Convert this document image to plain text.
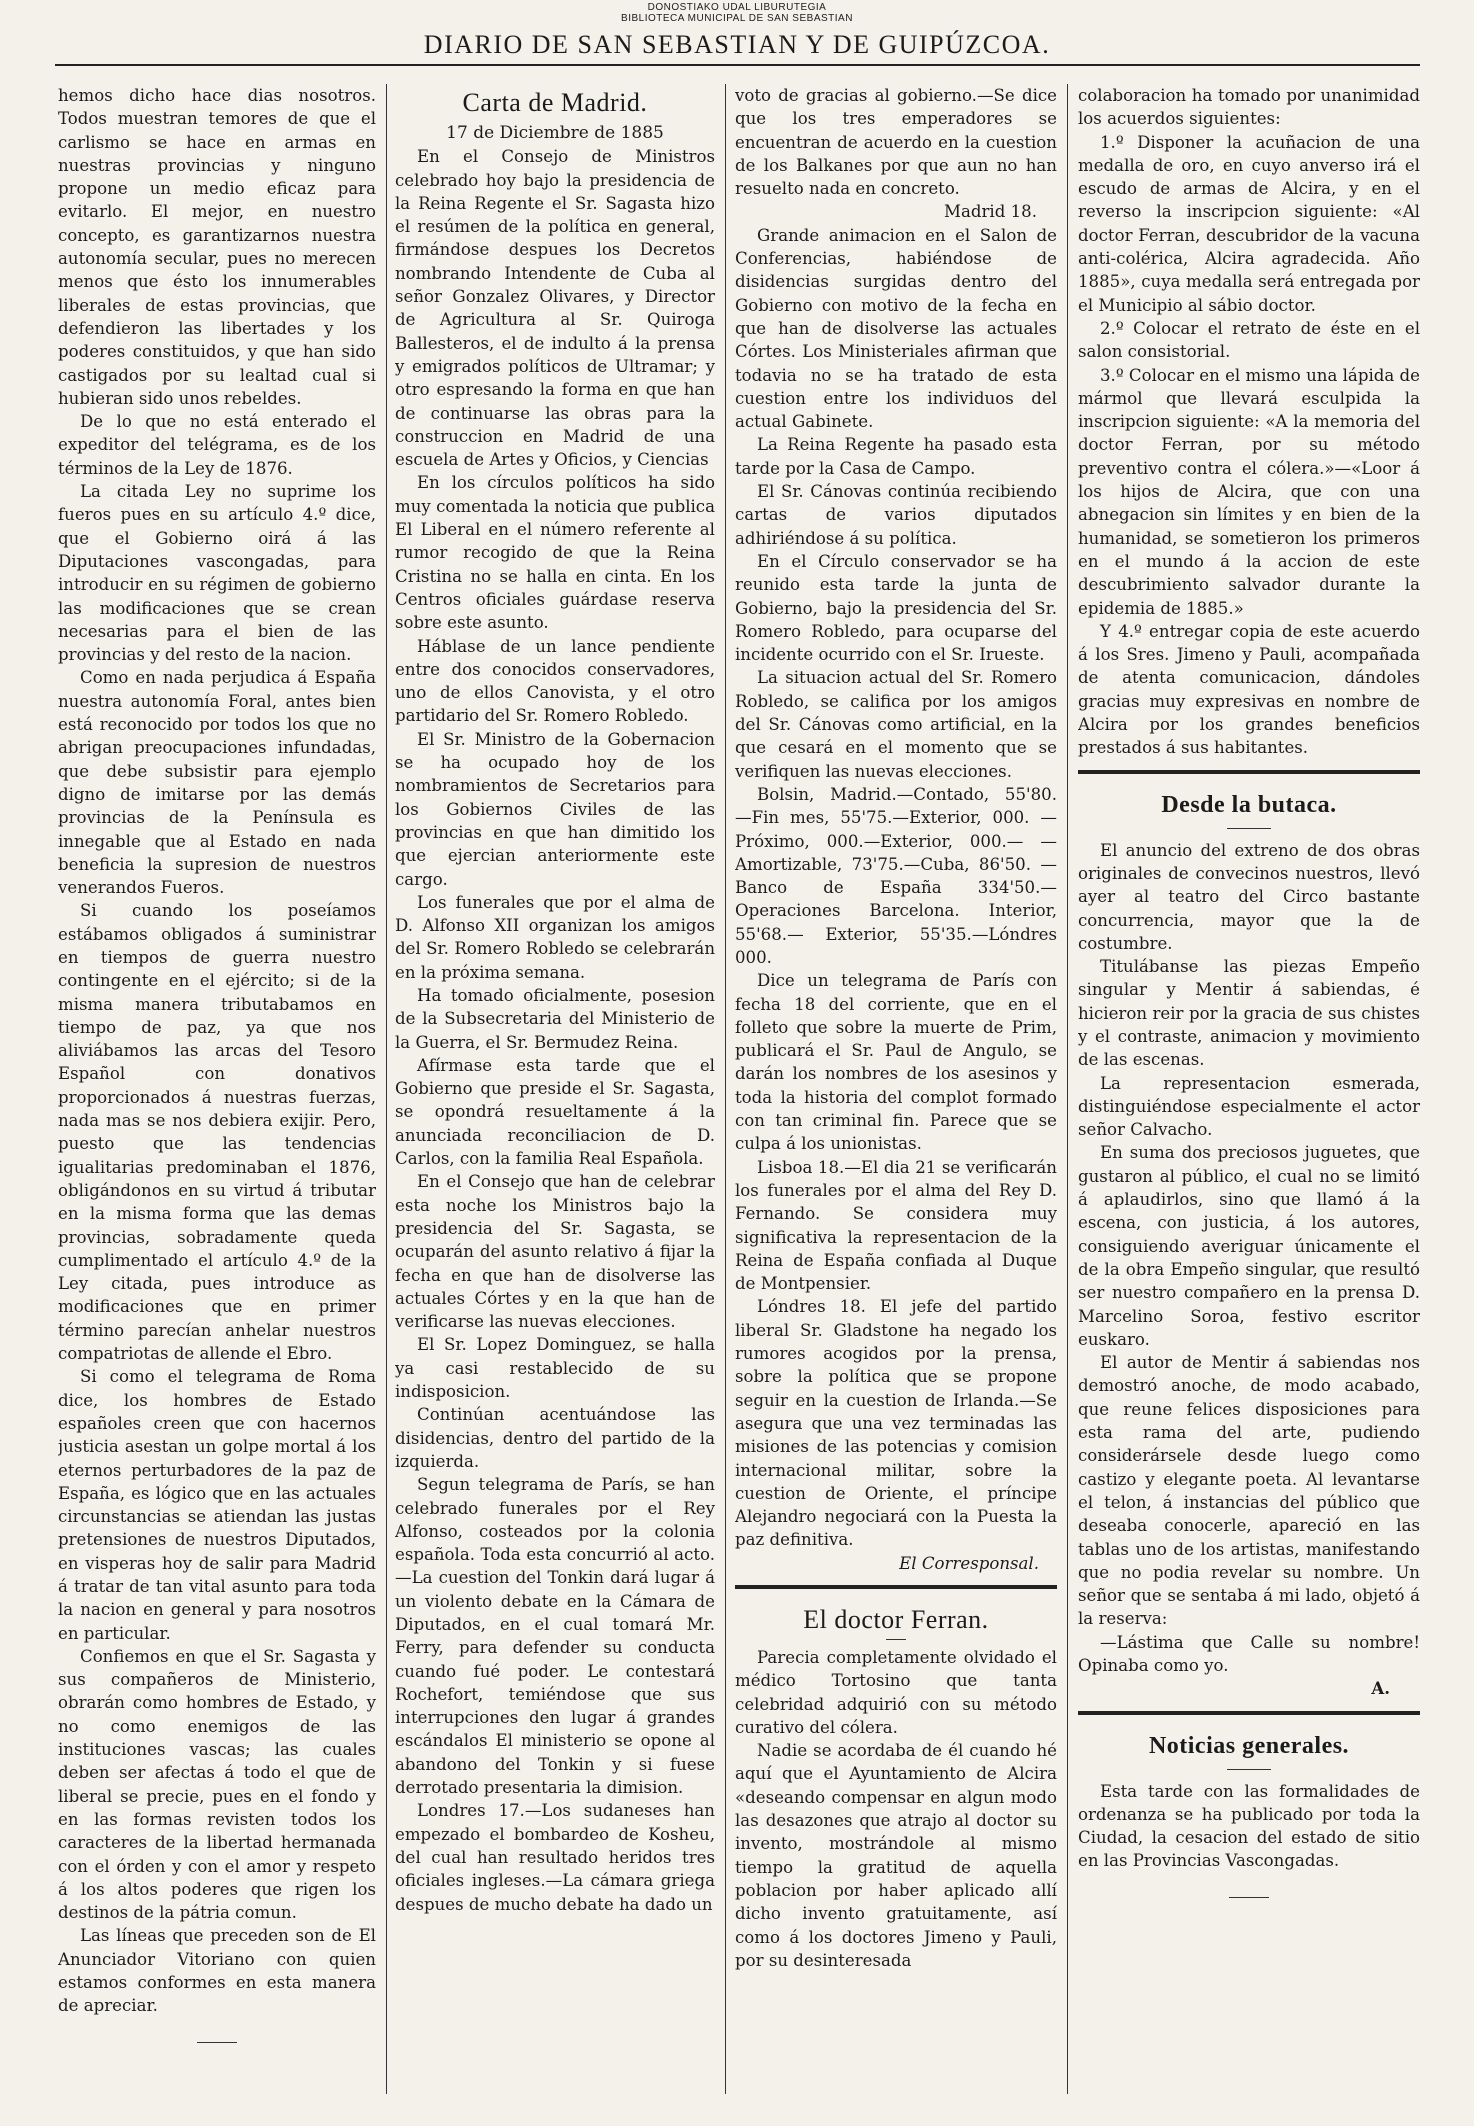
DONOSTIAKO UDAL LIBURUTEGIA
BIBLIOTECA MUNICIPAL DE SAN SEBASTIAN
DIARIO DE SAN SEBASTIAN Y DE GUIPÚZCOA.

hemos dicho hace dias nosotros. Todos muestran temores de que el carlismo se hace en armas en nuestras provincias y ninguno propone un medio eficaz para evitarlo. El mejor, en nuestro concepto, es garantizarnos nuestra autonomía secular, pues no merecen menos que ésto los innumerables liberales de estas provincias, que defendieron las libertades y los poderes constituidos, y que han sido castigados por su lealtad cual si hubieran sido unos rebeldes.

De lo que no está enterado el expeditor del telégrama, es de los términos de la Ley de 1876.

La citada Ley no suprime los fueros pues en su artículo 4.º dice, que el Gobierno oirá á las Diputaciones vascongadas, para introducir en su régimen de gobierno las modificaciones que se crean necesarias para el bien de las provincias y del resto de la nacion.

Como en nada perjudica á España nuestra autonomía Foral, antes bien está reconocido por todos los que no abrigan preocupaciones infundadas, que debe subsistir para ejemplo digno de imitarse por las demás provincias de la Península es innegable que al Estado en nada beneficia la supresion de nuestros venerandos Fueros.

Si cuando los poseíamos estábamos obligados á suministrar en tiempos de guerra nuestro contingente en el ejército; si de la misma manera tributabamos en tiempo de paz, ya que nos aliviábamos las arcas del Tesoro Español con donativos proporcionados á nuestras fuerzas, nada mas se nos debiera exijir. Pero, puesto que las tendencias igualitarias predominaban el 1876, obligándonos en su virtud á tributar en la misma forma que las demas provincias, sobradamente queda cumplimentado el artículo 4.º de la Ley citada, pues introduce as modificaciones que en primer término parecían anhelar nuestros compatriotas de allende el Ebro.

Si como el telegrama de Roma dice, los hombres de Estado españoles creen que con hacernos justicia asestan un golpe mortal á los eternos perturbadores de la paz de España, es lógico que en las actuales circunstancias se atiendan las justas pretensiones de nuestros Diputados, en visperas hoy de salir para Madrid á tratar de tan vital asunto para toda la nacion en general y para nosotros en particular.

Confiemos en que el Sr. Sagasta y sus compañeros de Ministerio, obrarán como hombres de Estado, y no como enemigos de las instituciones vascas; las cuales deben ser afectas á todo el que de liberal se precie, pues en el fondo y en las formas revisten todos los caracteres de la libertad hermanada con el órden y con el amor y respeto á los altos poderes que rigen los destinos de la pátria comun.

Las líneas que preceden son de El Anunciador Vitoriano con quien estamos conformes en esta manera de apreciar.

Carta de Madrid.
17 de Diciembre de 1885

En el Consejo de Ministros celebrado hoy bajo la presidencia de la Reina Regente el Sr. Sagasta hizo el resúmen de la política en general, firmándose despues los Decretos nombrando Intendente de Cuba al señor Gonzalez Olivares, y Director de Agricultura al Sr. Quiroga Ballesteros, el de indulto á la prensa y emigrados políticos de Ultramar; y otro espresando la forma en que han de continuarse las obras para la construccion en Madrid de una escuela de Artes y Oficios, y Ciencias

En los círculos políticos ha sido muy comentada la noticia que publica El Liberal en el número referente al rumor recogido de que la Reina Cristina no se halla en cinta. En los Centros oficiales guárdase reserva sobre este asunto.

Háblase de un lance pendiente entre dos conocidos conservadores, uno de ellos Canovista, y el otro partidario del Sr. Romero Robledo.

El Sr. Ministro de la Gobernacion se ha ocupado hoy de los nombramientos de Secretarios para los Gobiernos Civiles de las provincias en que han dimitido los que ejercian anteriormente este cargo.

Los funerales que por el alma de D. Alfonso XII organizan los amigos del Sr. Romero Robledo se celebrarán en la próxima semana.

Ha tomado oficialmente, posesion de la Subsecretaria del Ministerio de la Guerra, el Sr. Bermudez Reina.

Afírmase esta tarde que el Gobierno que preside el Sr. Sagasta, se opondrá resueltamente á la anunciada reconciliacion de D. Carlos, con la familia Real Española.

En el Consejo que han de celebrar esta noche los Ministros bajo la presidencia del Sr. Sagasta, se ocuparán del asunto relativo á fijar la fecha en que han de disolverse las actuales Córtes y en la que han de verificarse las nuevas elecciones.

El Sr. Lopez Dominguez, se halla ya casi restablecido de su indisposicion.

Continúan acentuándose las disidencias, dentro del partido de la izquierda.

Segun telegrama de París, se han celebrado funerales por el Rey Alfonso, costeados por la colonia española. Toda esta concurrió al acto.—La cuestion del Tonkin dará lugar á un violento debate en la Cámara de Diputados, en el cual tomará Mr. Ferry, para defender su conducta cuando fué poder. Le contestará Rochefort, temiéndose que sus interrupciones den lugar á grandes escándalos El ministerio se opone al abandono del Tonkin y si fuese derrotado presentaria la dimision.

Londres 17.—Los sudaneses han empezado el bombardeo de Kosheu, del cual han resultado heridos tres oficiales ingleses.—La cámara griega despues de mucho debate ha dado un

voto de gracias al gobierno.—Se dice que los tres emperadores se encuentran de acuerdo en la cuestion de los Balkanes por que aun no han resuelto nada en concreto.

Madrid 18.

Grande animacion en el Salon de Conferencias, habiéndose de disidencias surgidas dentro del Gobierno con motivo de la fecha en que han de disolverse las actuales Córtes. Los Ministeriales afirman que todavia no se ha tratado de esta cuestion entre los individuos del actual Gabinete.

La Reina Regente ha pasado esta tarde por la Casa de Campo.

El Sr. Cánovas continúa recibiendo cartas de varios diputados adhiriéndose á su política.

En el Círculo conservador se ha reunido esta tarde la junta de Gobierno, bajo la presidencia del Sr. Romero Robledo, para ocuparse del incidente ocurrido con el Sr. Irueste.

La situacion actual del Sr. Romero Robledo, se califica por los amigos del Sr. Cánovas como artificial, en la que cesará en el momento que se verifiquen las nuevas elecciones.

Bolsin, Madrid.—Contado, 55'80. —Fin mes, 55'75.—Exterior, 000. —Próximo, 000.—Exterior, 000.— —Amortizable, 73'75.—Cuba, 86'50. —Banco de España 334'50.—Operaciones Barcelona. Interior, 55'68.— Exterior, 55'35.—Lóndres 000.

Dice un telegrama de París con fecha 18 del corriente, que en el folleto que sobre la muerte de Prim, publicará el Sr. Paul de Angulo, se darán los nombres de los asesinos y toda la historia del complot formado con tan criminal fin. Parece que se culpa á los unionistas.

Lisboa 18.—El dia 21 se verificarán los funerales por el alma del Rey D. Fernando. Se considera muy significativa la representacion de la Reina de España confiada al Duque de Montpensier.

Lóndres 18. El jefe del partido liberal Sr. Gladstone ha negado los rumores acogidos por la prensa, sobre la política que se propone seguir en la cuestion de Irlanda.—Se asegura que una vez terminadas las misiones de las potencias y comision internacional militar, sobre la cuestion de Oriente, el príncipe Alejandro negociará con la Puesta la paz definitiva.

El Corresponsal.
El doctor Ferran.

Parecia completamente olvidado el médico Tortosino que tanta celebridad adquirió con su método curativo del cólera.

Nadie se acordaba de él cuando hé aquí que el Ayuntamiento de Alcira «deseando compensar en algun modo las desazones que atrajo al doctor su invento, mostrándole al mismo tiempo la gratitud de aquella poblacion por haber aplicado allí dicho invento gratuitamente, así como á los doctores Jimeno y Pauli, por su desinteresada

colaboracion ha tomado por unanimidad los acuerdos siguientes:

1.º Disponer la acuñacion de una medalla de oro, en cuyo anverso irá el escudo de armas de Alcira, y en el reverso la inscripcion siguiente: «Al doctor Ferran, descubridor de la vacuna anti-colérica, Alcira agradecida. Año 1885», cuya medalla será entregada por el Municipio al sábio doctor.

2.º Colocar el retrato de éste en el salon consistorial.

3.º Colocar en el mismo una lápida de mármol que llevará esculpida la inscripcion siguiente: «A la memoria del doctor Ferran, por su método preventivo contra el cólera.»—«Loor á los hijos de Alcira, que con una abnegacion sin límites y en bien de la humanidad, se sometieron los primeros en el mundo á la accion de este descubrimiento salvador durante la epidemia de 1885.»

Y 4.º entregar copia de este acuerdo á los Sres. Jimeno y Pauli, acompañada de atenta comunicacion, dándoles gracias muy expresivas en nombre de Alcira por los grandes beneficios prestados á sus habitantes.

Desde la butaca.

El anuncio del extreno de dos obras originales de convecinos nuestros, llevó ayer al teatro del Circo bastante concurrencia, mayor que la de costumbre.

Titulábanse las piezas Empeño singular y Mentir á sabiendas, é hicieron reir por la gracia de sus chistes y el contraste, animacion y movimiento de las escenas.

La representacion esmerada, distinguiéndose especialmente el actor señor Calvacho.

En suma dos preciosos juguetes, que gustaron al público, el cual no se limitó á aplaudirlos, sino que llamó á la escena, con justicia, á los autores, consiguiendo averiguar únicamente el de la obra Empeño singular, que resultó ser nuestro compañero en la prensa D. Marcelino Soroa, festivo escritor euskaro.

El autor de Mentir á sabiendas nos demostró anoche, de modo acabado, que reune felices disposiciones para esta rama del arte, pudiendo considerársele desde luego como castizo y elegante poeta. Al levantarse el telon, á instancias del público que deseaba conocerle, apareció en las tablas uno de los artistas, manifestando que no podia revelar su nombre. Un señor que se sentaba á mi lado, objetó á la reserva:

—Lástima que Calle su nombre! Opinaba como yo.

A.
Noticias generales.

Esta tarde con las formalidades de ordenanza se ha publicado por toda la Ciudad, la cesacion del estado de sitio en las Provincias Vascongadas.
